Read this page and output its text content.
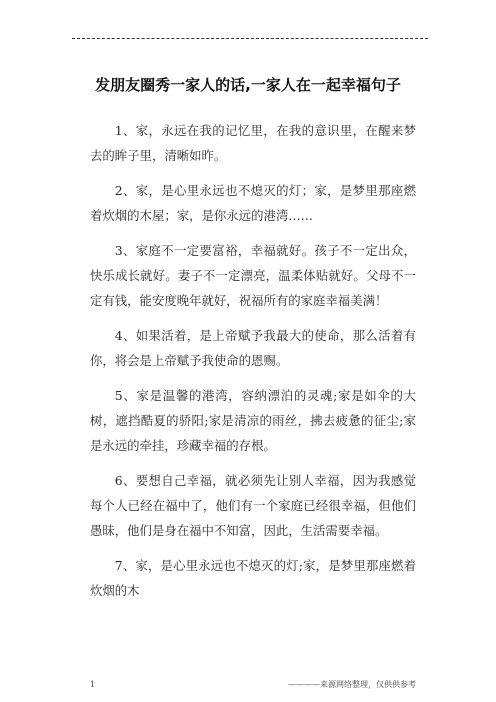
发朋友圈秀一家人的话,一家人在一起幸福句子

1、家，永远在我的记忆里，在我的意识里，在醒来梦去的眸子里，清晰如昨。

2、家，是心里永远也不熄灭的灯；家，是梦里那座燃着炊烟的木屋；家，是你永远的港湾……

3、家庭不一定要富裕，幸福就好。孩子不一定出众，快乐成长就好。妻子不一定漂亮，温柔体贴就好。父母不一定有钱，能安度晚年就好，祝福所有的家庭幸福美满！

4、如果活着，是上帝赋予我最大的使命，那么活着有你，将会是上帝赋予我使命的恩赐。

5、家是温馨的港湾，容纳漂泊的灵魂;家是如伞的大树，遮挡酷夏的骄阳;家是清凉的雨丝，拂去疲惫的征尘;家是永远的牵挂，珍藏幸福的存根。

6、要想自己幸福，就必须先让别人幸福，因为我感觉每个人已经在福中了，他们有一个家庭已经很幸福，但他们愚昧，他们是身在福中不知富，因此，生活需要幸福。

7、家，是心里永远也不熄灭的灯;家，是梦里那座燃着炊烟的木

1	————来源网络整理，仅供供参考
